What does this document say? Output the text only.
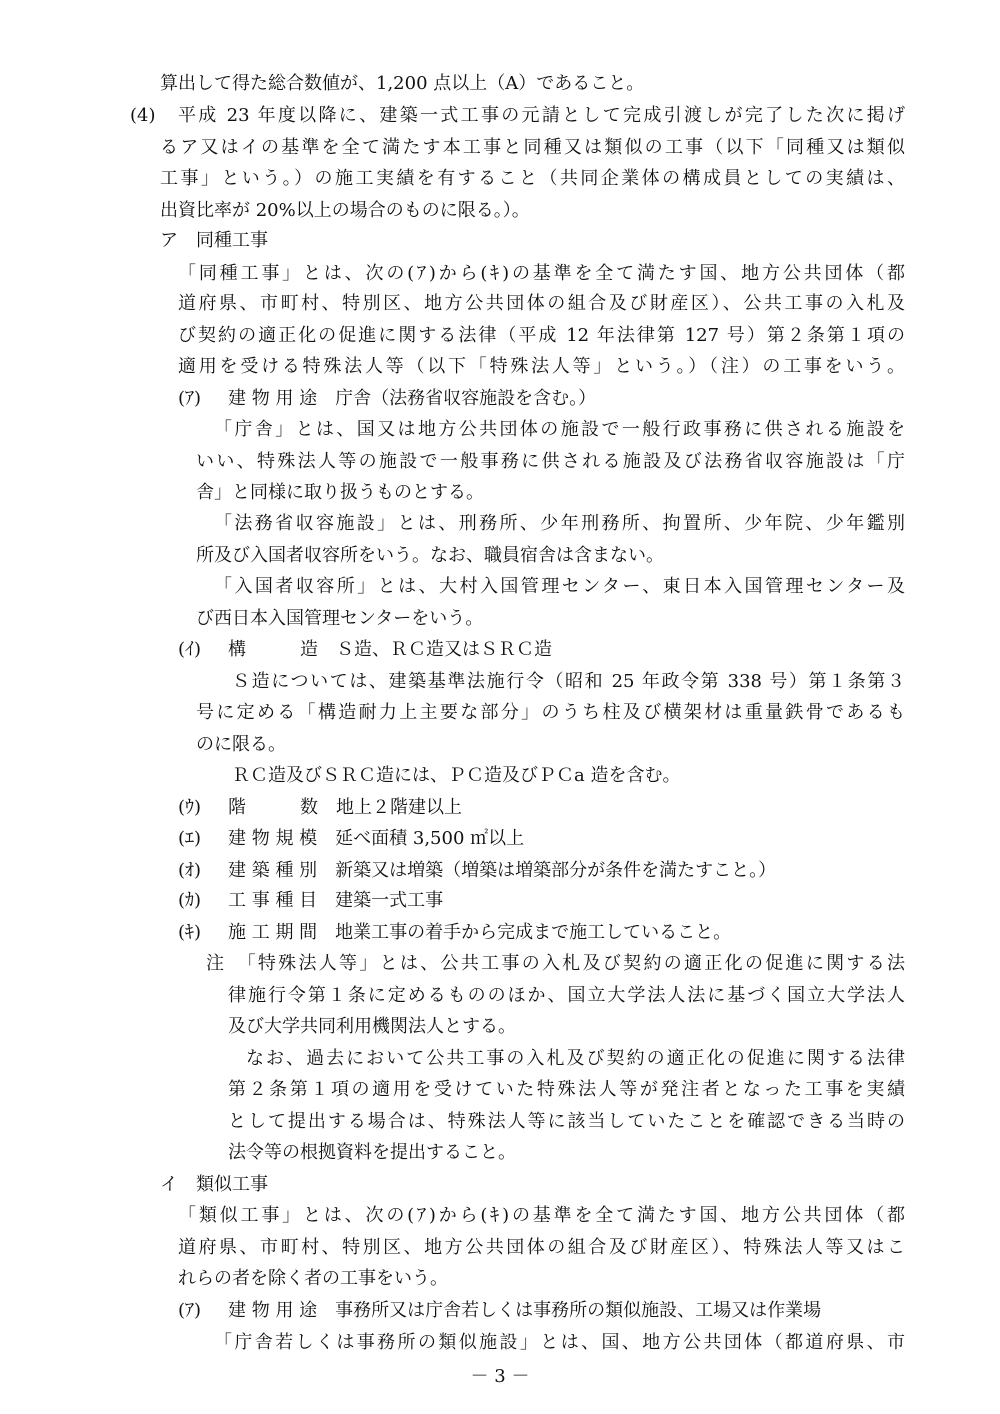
(4)
ア
(ｱ)
(ｲ)
(ｳ)
(ｴ)
(ｵ)
(ｶ)
(ｷ)
イ
(ｱ)
算出して得た総合数値が、1,200 点以上（A）であること。
平成 23 年度以降に、建築一式工事の元請として完成引渡しが完了した次に掲げ
るア又はイの基準を全て満たす本工事と同種又は類似の工事（以下「同種又は類似
工事」という。）の施工実績を有すること（共同企業体の構成員としての実績は、
出資比率が 20%以上の場合のものに限る。）。
同種工事
「同種工事」とは、次の(ｱ)から(ｷ)の基準を全て満たす国、地方公共団体（都
道府県、市町村、特別区、地方公共団体の組合及び財産区）、公共工事の入札及
び契約の適正化の促進に関する法律（平成 12 年法律第 127 号）第２条第１項の
適用を受ける特殊法人等（以下「特殊法人等」という。）（注）の工事をいう。
建 物 用 途　庁舎（法務省収容施設を含む。）
「庁舎」とは、国又は地方公共団体の施設で一般行政事務に供される施設を
いい、特殊法人等の施設で一般事務に供される施設及び法務省収容施設は「庁
舎」と同様に取り扱うものとする。
「法務省収容施設」とは、刑務所、少年刑務所、拘置所、少年院、少年鑑別
所及び入国者収容所をいう。なお、職員宿舎は含まない。
「入国者収容所」とは、大村入国管理センター、東日本入国管理センター及
び西日本入国管理センターをいう。
構　　　造　Ｓ造、ＲＣ造又はＳＲＣ造
Ｓ造については、建築基準法施行令（昭和 25 年政令第 338 号）第１条第３
号に定める「構造耐力上主要な部分」のうち柱及び横架材は重量鉄骨であるも
のに限る。
ＲＣ造及びＳＲＣ造には、ＰＣ造及びＰＣa 造を含む。
階　　　数　地上２階建以上
建 物 規 模　延べ面積 3,500 ㎡以上
建 築 種 別　新築又は増築（増築は増築部分が条件を満たすこと。）
工 事 種 目　建築一式工事
施 工 期 間　地業工事の着手から完成まで施工していること。
注　「特殊法人等」とは、公共工事の入札及び契約の適正化の促進に関する法
律施行令第１条に定めるもののほか、国立大学法人法に基づく国立大学法人
及び大学共同利用機関法人とする。
なお、過去において公共工事の入札及び契約の適正化の促進に関する法律
第２条第１項の適用を受けていた特殊法人等が発注者となった工事を実績
として提出する場合は、特殊法人等に該当していたことを確認できる当時の
法令等の根拠資料を提出すること。
類似工事
「類似工事」とは、次の(ｱ)から(ｷ)の基準を全て満たす国、地方公共団体（都
道府県、市町村、特別区、地方公共団体の組合及び財産区）、特殊法人等又はこ
れらの者を除く者の工事をいう。
建 物 用 途　事務所又は庁舎若しくは事務所の類似施設、工場又は作業場
「庁舎若しくは事務所の類似施設」とは、国、地方公共団体（都道府県、市
－ 3 －
